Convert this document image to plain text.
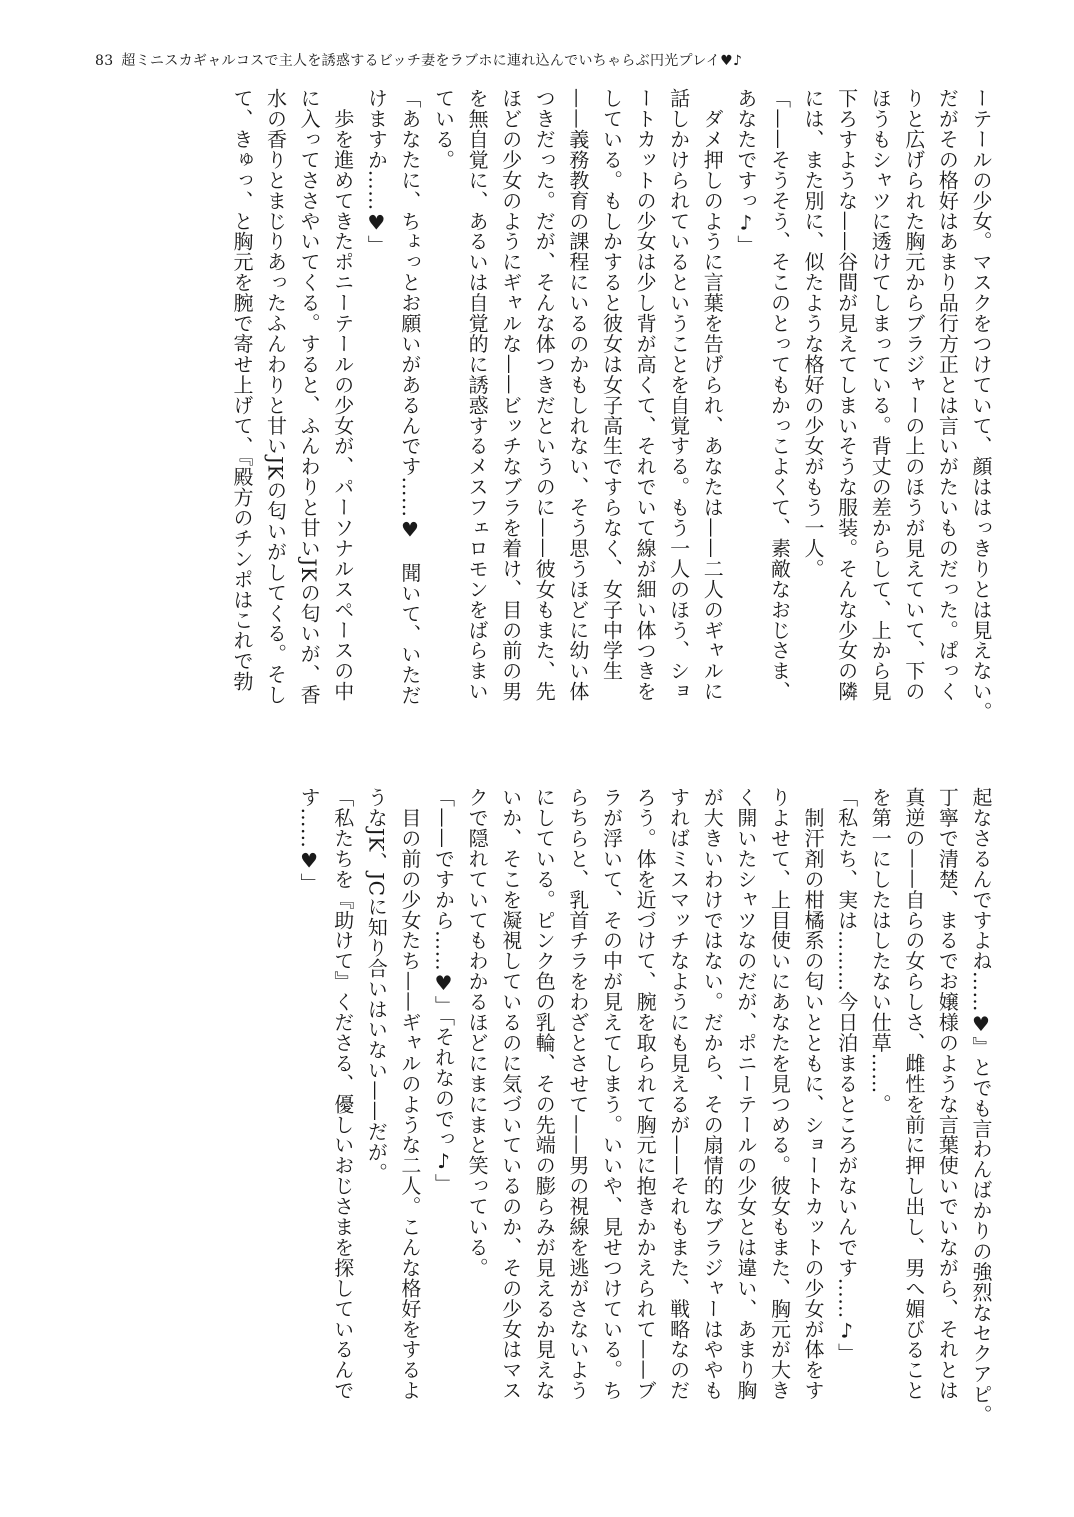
83 超ミニスカギャルコスで主人を誘惑するビッチ妻をラブホに連れ込んでいちゃらぶ円光プレイ♥♪
ーテールの少女。マスクをつけていて、顔ははっきりとは見えない。
だがその格好はあまり品行方正とは言いがたいものだった。ぱっく
りと広げられた胸元からブラジャーの上のほうが見えていて、下の
ほうもシャツに透けてしまっている。背丈の差からして、上から見
下ろすような——谷間が見えてしまいそうな服装。そんな少女の隣
には、また別に、似たような格好の少女がもう一人。
「——そうそう、そこのとってもかっこよくて、素敵なおじさま、
あなたですっ♪」
　ダメ押しのように言葉を告げられ、あなたは——二人のギャルに
話しかけられているということを自覚する。もう一人のほう、ショ
ートカットの少女は少し背が高くて、それでいて線が細い体つきを
している。もしかすると彼女は女子高生ですらなく、女子中学生
——義務教育の課程にいるのかもしれない、そう思うほどに幼い体
つきだった。だが、そんな体つきだというのに——彼女もまた、先
ほどの少女のようにギャルな——ビッチなブラを着け、目の前の男
を無自覚に、あるいは自覚的に誘惑するメスフェロモンをばらまい
ている。
「あなたに、ちょっとお願いがあるんです……♥　聞いて、いただ
けますか……♥」
　歩を進めてきたポニーテールの少女が、パーソナルスペースの中
に入ってささやいてくる。すると、ふんわりと甘いJKの匂いが、香
水の香りとまじりあったふんわりと甘いJKの匂いがしてくる。そし
て、きゅっ、と胸元を腕で寄せ上げて、『殿方のチンポはこれで勃
起なさるんですよね……♥』とでも言わんばかりの強烈なセクアピ。
丁寧で清楚、まるでお嬢様のような言葉使いでいながら、それとは
真逆の——自らの女らしさ、雌性を前に押し出し、男へ媚びること
を第一にしたはしたない仕草……。
「私たち、実は………今日泊まるところがないんです……♪」
　制汗剤の柑橘系の匂いとともに、ショートカットの少女が体をす
りよせて、上目使いにあなたを見つめる。彼女もまた、胸元が大き
く開いたシャツなのだが、ポニーテールの少女とは違い、あまり胸
が大きいわけではない。だから、その扇情的なブラジャーはややも
すればミスマッチなようにも見えるが——それもまた、戦略なのだ
ろう。体を近づけて、腕を取られて胸元に抱きかかえられて——ブ
ラが浮いて、その中が見えてしまう。いいや、見せつけている。ち
らちらと、乳首チラをわざとさせて——男の視線を逃がさないよう
にしている。ピンク色の乳輪、その先端の膨らみが見えるか見えな
いか、そこを凝視しているのに気づいているのか、その少女はマス
クで隠れていてもわかるほどにまにまと笑っている。
「——ですから……♥」「それなのでっ♪」
　目の前の少女たち——ギャルのような二人。こんな格好をするよ
うなJK、JCに知り合いはいない——だが。
「私たちを『助けて』くださる、優しいおじさまを探しているんで
す……♥」
